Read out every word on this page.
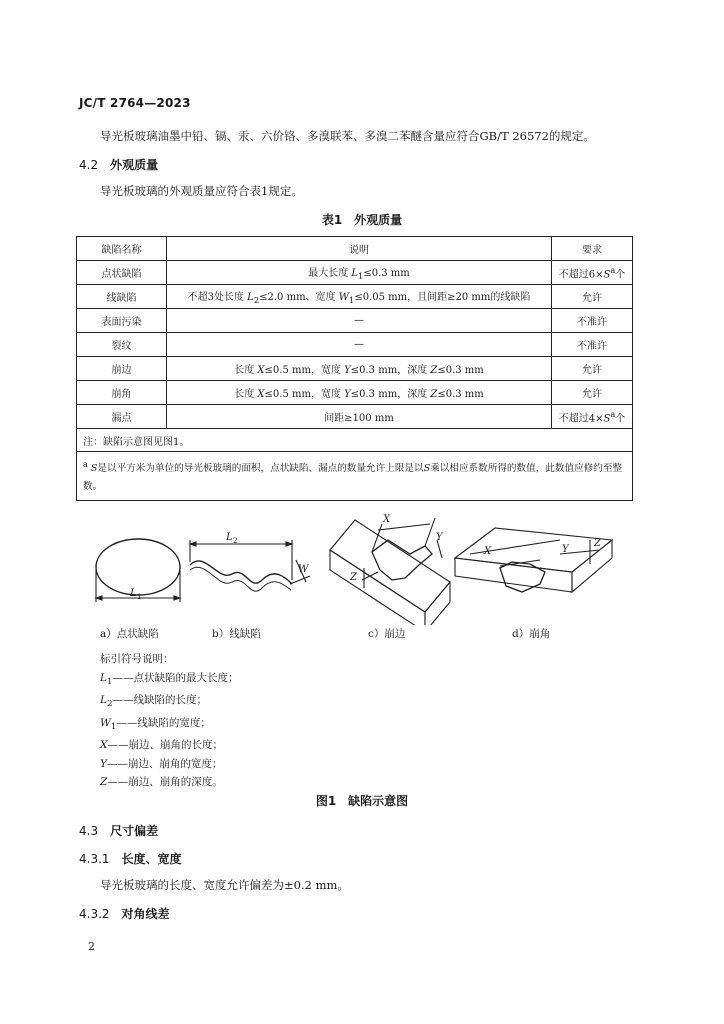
JC/T 2764—2023
导光板玻璃油墨中铅、镉、汞、六价铬、多溴联苯、多溴二苯醚含量应符合GB/T 26572的规定。
4.2 外观质量
导光板玻璃的外观质量应符合表1规定。
表1　外观质量
缺陷名称	说明	要求
点状缺陷	最大长度 $L_1\le 0.3$ mm	不超过$6\times S^a$个
线缺陷	不超3处长度 $L_2\le 2.0$ mm、宽度 $W_1\le 0.05$ mm，且间距≥20 mm的线缺陷	允许
表面污染	—	不准许
裂纹	—	不准许
崩边	长度 X≤0.5 mm，宽度 Y≤0.3 mm，深度 Z≤0.3 mm	允许
崩角	长度 X≤0.5 mm，宽度 Y≤0.3 mm，深度 Z≤0.3 mm	允许
漏点	间距≥100 mm	不超过$4\times S^a$个
注：缺陷示意图见图1。		
$^a$ S是以平方米为单位的导光板玻璃的面积，点状缺陷、漏点的数量允许上限是以S乘以相应系数所得的数值，此数值应修约至整数。		
L 1
L 2
W
X
Y
Z
X	Y
Z
a）点状缺陷	b）线缺陷	c）崩边	d）崩角
标引符号说明：
$L_1——$点状缺陷的最大长度；
$L_2——$线缺陷的长度；
$W_1——$线缺陷的宽度；
X——崩边、崩角的长度；
Y——崩边、崩角的宽度；
Z——崩边、崩角的深度。
图1　缺陷示意图
4.3 尺寸偏差
4.3.1 长度、宽度
导光板玻璃的长度、宽度允许偏差为±0.2 mm。
4.3.2 对角线差
2
